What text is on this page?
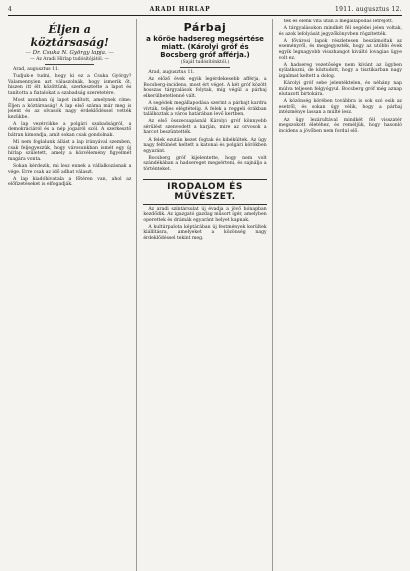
4	ARADI HIRLAP	1911. augusztus 12.
Éljen a köztársaság!
— Dr. Csuka N. György lapja. —
— Az Aradi Hírlap tudósítójától. —

Arad, augusztus 11.

Tudjuk-e tudni, hogy ki ez a Csuka György? Valamennyien azt válaszolnák, hogy ismerik őt, hiszen itt élt közöttünk, szerkesztette a lapot és tanította a fiatalokat a szabadság szeretetére.

Most azonban új lapot indított, amelynek címe: Éljen a köztársaság! A lap első száma már meg is jelent és az olvasók nagy érdeklődéssel vették kezükbe.

A lap vezércikke a polgári szabadságról, a demokráciáról és a nép jogairól szól. A szerkesztő bátran kimondja, amit sokan csak gondolnak.

Mi nem foglalunk állást a lap irányával szemben, csak feljegyezzük, hogy városunkban ismét egy új hírlap született, amely a közvélemény figyelmét magára vonta.

Sokan kérdezik, mi lesz ennek a vállalkozásnak a vége. Erre csak az idő adhat választ.

A lap kiadóhivatala a főtéren van, ahol az előfizetéseket is elfogadják.

Párbaj
a kőröe hadsereg megsértése miatt. (Károlyi gróf és Bocsberg gróf afférja.)
(Saját tudósítónktól.)

Arad, augusztus 11.

Az előző évek egyik legérdekesebb afférja, a Bocsberg-incidens, most ért véget. A két gróf között hosszas tárgyalások folytak, míg végül a párbaj elkerülhetetlenné vált.

A segédek megállapodása szerint a párbajt kardra vívták, teljes elégtételig. A felek a reggeli órákban találkoztak a város határában levő kertben.

Az első összecsapásnál Károlyi gróf könnyebb sérülést szenvedett a karján, mire az orvosok a harcot beszüntették.

A felek ezután kezet fogtak és kibékültek. Az ügy nagy feltűnést keltett a katonai és polgári körökben egyaránt.

Bocsberg gróf kijelentette, hogy nem volt szándékában a hadsereget megsérteni, és sajnálja a történteket.

IRODALOM ÉS MŰVÉSZET.

Az aradi színtársulat új évadja a jövő hónapban kezdődik. Az igazgató gazdag műsort ígér, amelyben operettek és drámák egyaránt helyet kapnak.

A kultúrpalota képtárában új festmények kerültek kiállításra, amelyeket a közönség nagy érdeklődéssel tekint meg.

tek és élénk vita után a megállapodás létrejött.

A tárgyalásokon mindkét fél segédei jelen voltak, és azok lefolyását jegyzőkönyvben rögzítették.

A fővárosi lapok részletesen beszámoltak az eseményről, és megjegyezték, hogy az utóbbi évek egyik legnagyobb visszhangot kiváltó lovagias ügye volt ez.

A hadsereg vezetősége nem kívánt az ügyben nyilatkozni, de köztudott, hogy a tisztikarban nagy izgalmat keltett a dolog.

Károlyi gróf sebe jelentéktelen, és néhány nap múlva teljesen felgyógyul. Bocsberg gróf még aznap elutazott birtokára.

A közönség körében továbbra is sok szó esik az esetről, és sokan úgy vélik, hogy a párbaj intézménye lassan a múlté lesz.

Az ügy lezárultával mindkét fél visszatér megszokott életéhez, és reméljük, hogy hasonló incidens a jövőben nem fordul elő.
